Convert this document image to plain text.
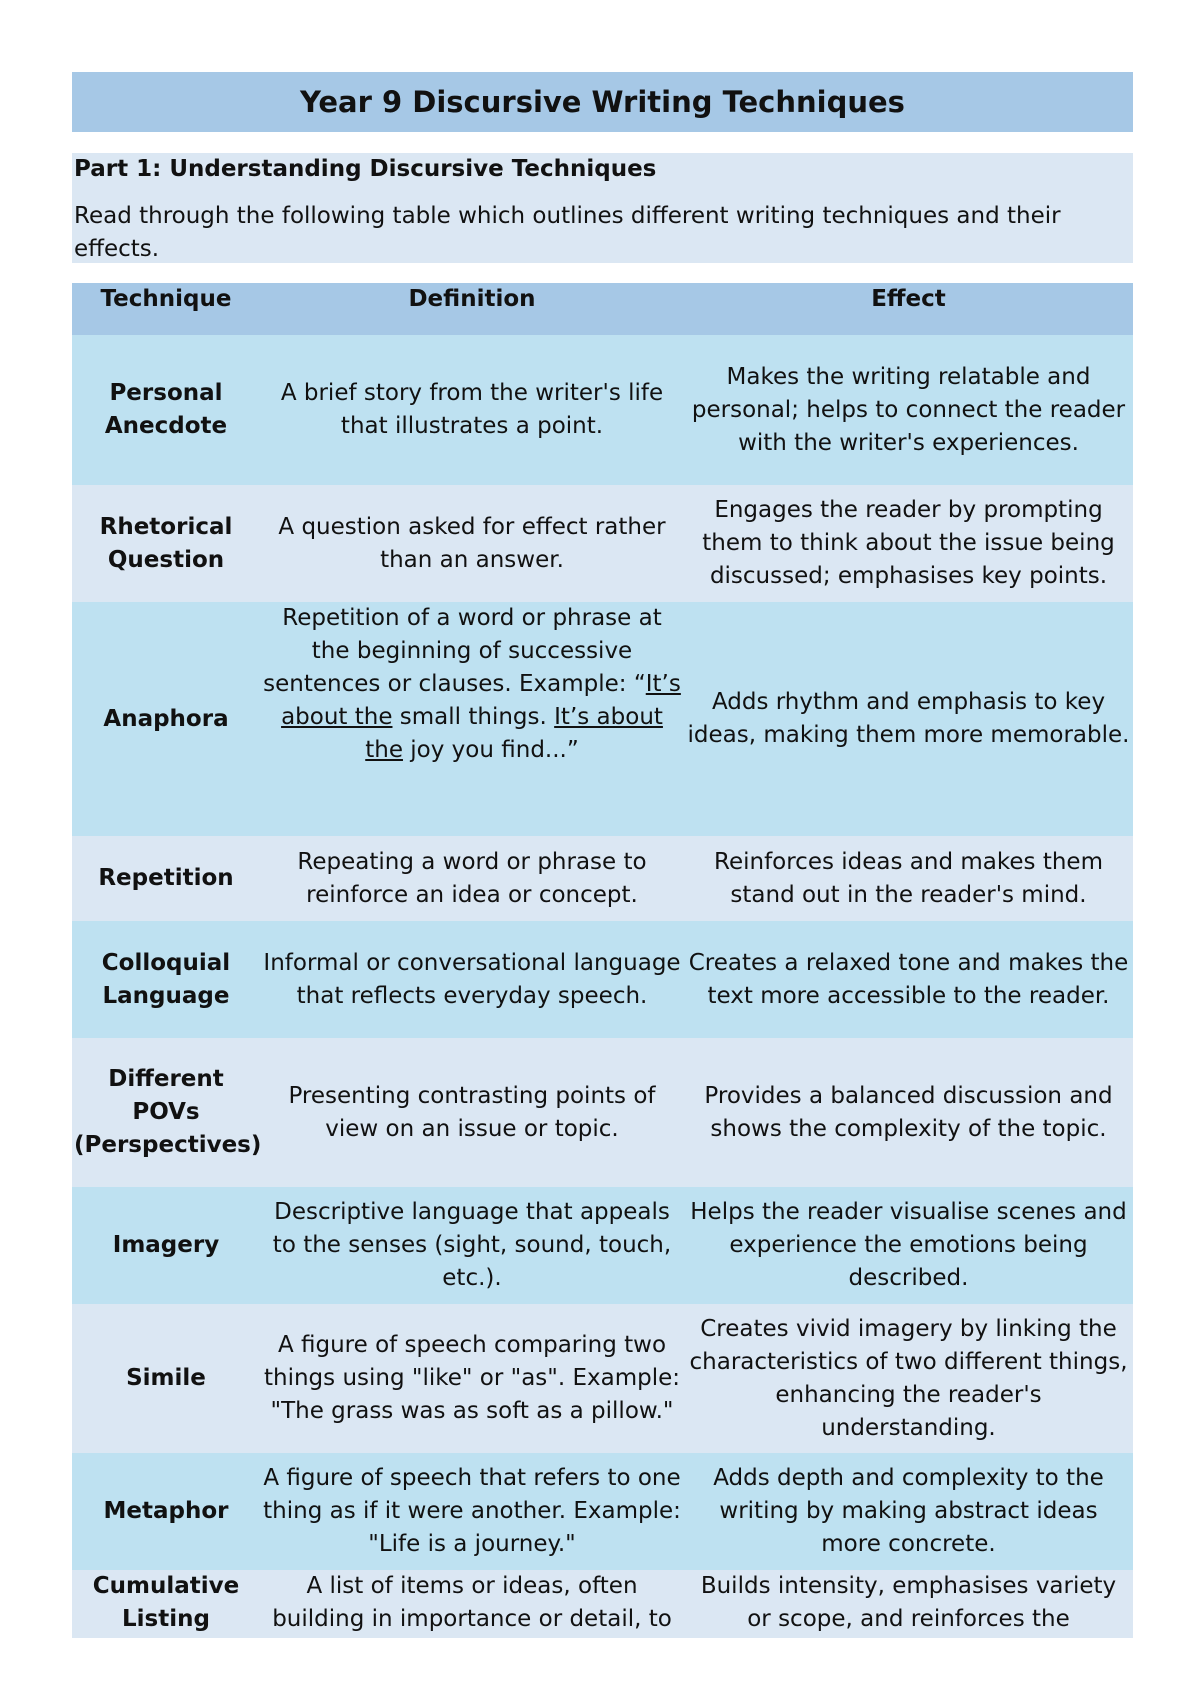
Year 9 Discursive Writing Techniques
Part 1: Understanding Discursive Techniques
Read through the following table which outlines different writing techniques and their effects.
Technique	Definition	Effect
Personal Anecdote	A brief story from the writer's life that illustrates a point.	Makes the writing relatable and personal; helps to connect the reader with the writer's experiences.
Rhetorical Question	A question asked for effect rather than an answer.	Engages the reader by prompting them to think about the issue being discussed; emphasises key points.
Anaphora	Repetition of a word or phrase at the beginning of successive sentences or clauses. Example: “It’s about the small things. It’s about the joy you find...”	Adds rhythm and emphasis to key ideas, making them more memorable.
Repetition	Repeating a word or phrase to reinforce an idea or concept.	Reinforces ideas and makes them stand out in the reader's mind.
Colloquial Language	Informal or conversational language that reflects everyday speech.	Creates a relaxed tone and makes the text more accessible to the reader.
Different POVs (Perspectives)	Presenting contrasting points of view on an issue or topic.	Provides a balanced discussion and shows the complexity of the topic.
Imagery	Descriptive language that appeals to the senses (sight, sound, touch, etc.).	Helps the reader visualise scenes and experience the emotions being described.
Simile	A figure of speech comparing two things using "like" or "as". Example: "The grass was as soft as a pillow."	Creates vivid imagery by linking the characteristics of two different things, enhancing the reader's understanding.
Metaphor	A figure of speech that refers to one thing as if it were another. Example: "Life is a journey."	Adds depth and complexity to the writing by making abstract ideas more concrete.
Cumulative Listing	A list of items or ideas, often building in importance or detail, to	Builds intensity, emphasises variety or scope, and reinforces the
